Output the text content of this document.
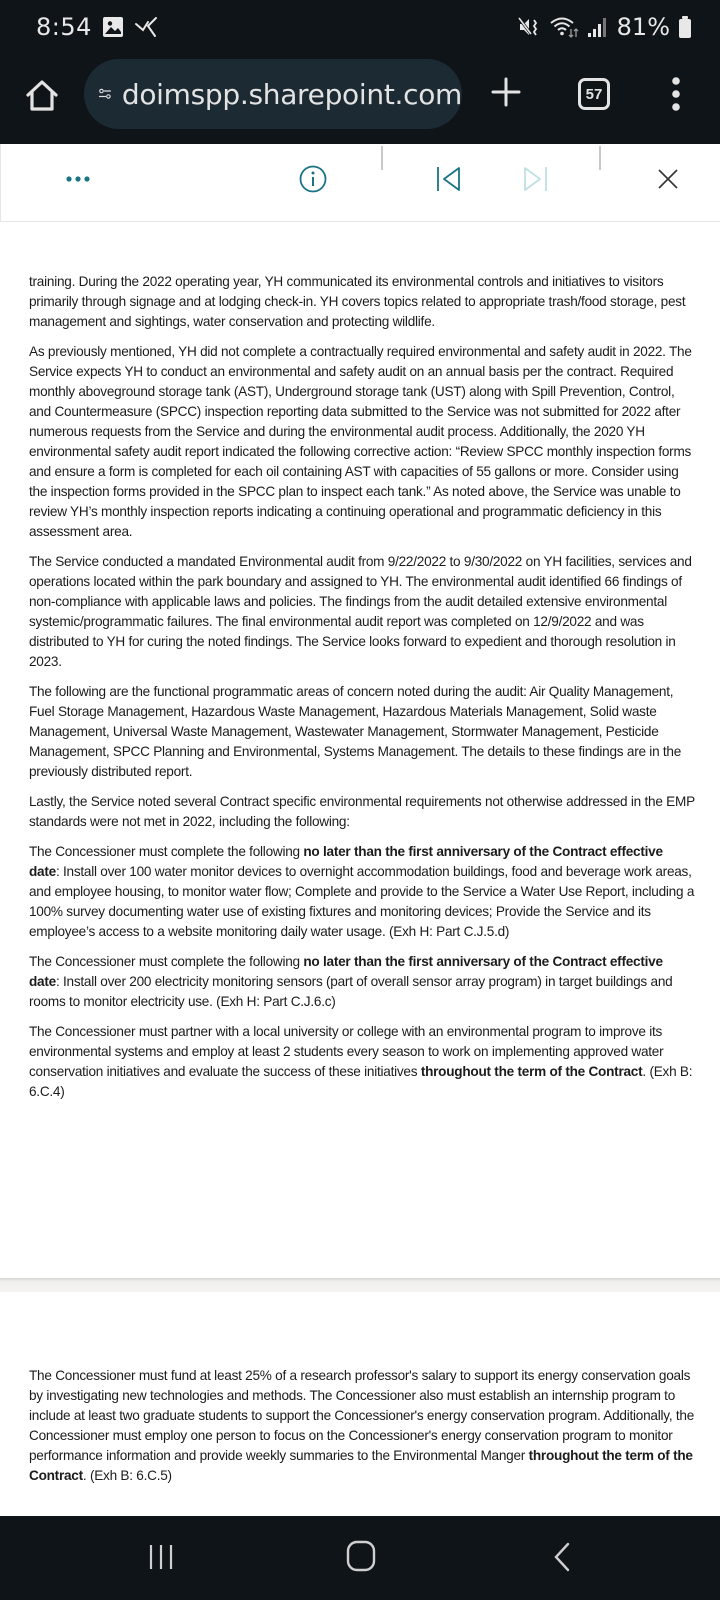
8:54	81%
doimspp.sharepoint.com	57

training. During the 2022 operating year, YH communicated its environmental controls and initiatives to visitors primarily through signage and at lodging check-in. YH covers topics related to appropriate trash/food storage, pest management and sightings, water conservation and protecting wildlife.

As previously mentioned, YH did not complete a contractually required environmental and safety audit in 2022. The Service expects YH to conduct an environmental and safety audit on an annual basis per the contract. Required monthly aboveground storage tank (AST), Underground storage tank (UST) along with Spill Prevention, Control, and Countermeasure (SPCC) inspection reporting data submitted to the Service was not submitted for 2022 after numerous requests from the Service and during the environmental audit process. Additionally, the 2020 YH environmental safety audit report indicated the following corrective action: “Review SPCC monthly inspection forms and ensure a form is completed for each oil containing AST with capacities of 55 gallons or more. Consider using the inspection forms provided in the SPCC plan to inspect each tank.” As noted above, the Service was unable to review YH’s monthly inspection reports indicating a continuing operational and programmatic deficiency in this assessment area.

The Service conducted a mandated Environmental audit from 9/22/2022 to 9/30/2022 on YH facilities, services and operations located within the park boundary and assigned to YH. The environmental audit identified 66 findings of non-compliance with applicable laws and policies. The findings from the audit detailed extensive environmental systemic/programmatic failures. The final environmental audit report was completed on 12/9/2022 and was distributed to YH for curing the noted findings. The Service looks forward to expedient and thorough resolution in 2023.

The following are the functional programmatic areas of concern noted during the audit: Air Quality Management, Fuel Storage Management, Hazardous Waste Management, Hazardous Materials Management, Solid waste Management, Universal Waste Management, Wastewater Management, Stormwater Management, Pesticide Management, SPCC Planning and Environmental, Systems Management. The details to these findings are in the previously distributed report.

Lastly, the Service noted several Contract specific environmental requirements not otherwise addressed in the EMP standards were not met in 2022, including the following:

The Concessioner must complete the following no later than the first anniversary of the Contract effective date: Install over 100 water monitor devices to overnight accommodation buildings, food and beverage work areas, and employee housing, to monitor water flow; Complete and provide to the Service a Water Use Report, including a 100% survey documenting water use of existing fixtures and monitoring devices; Provide the Service and its employee’s access to a website monitoring daily water usage. (Exh H: Part C.J.5.d)

The Concessioner must complete the following no later than the first anniversary of the Contract effective date: Install over 200 electricity monitoring sensors (part of overall sensor array program) in target buildings and rooms to monitor electricity use. (Exh H: Part C.J.6.c)

The Concessioner must partner with a local university or college with an environmental program to improve its environmental systems and employ at least 2 students every season to work on implementing approved water conservation initiatives and evaluate the success of these initiatives throughout the term of the Contract. (Exh B: 6.C.4)

The Concessioner must fund at least 25% of a research professor's salary to support its energy conservation goals by investigating new technologies and methods. The Concessioner also must establish an internship program to include at least two graduate students to support the Concessioner's energy conservation program. Additionally, the Concessioner must employ one person to focus on the Concessioner's energy conservation program to monitor performance information and provide weekly summaries to the Environmental Manger throughout the term of the Contract. (Exh B: 6.C.5)
